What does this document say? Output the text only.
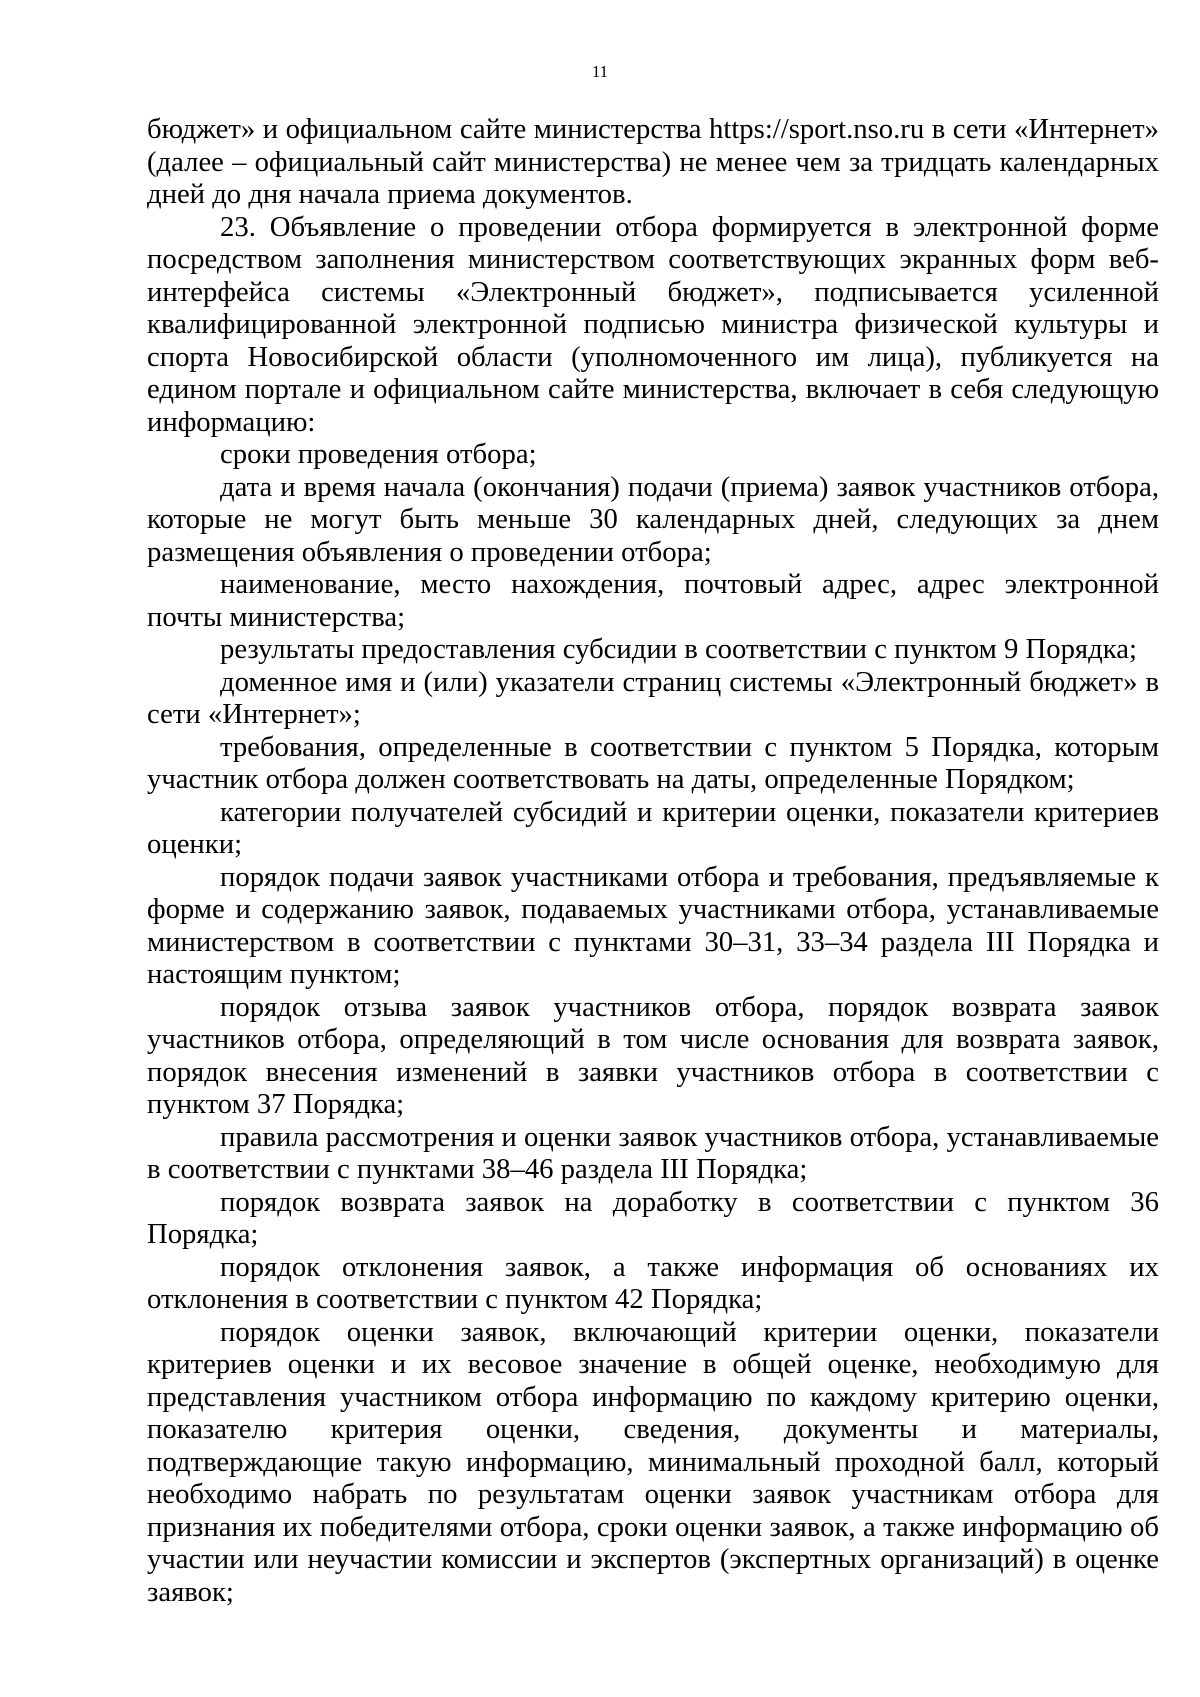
11

бюджет» и официальном сайте министерства https://sport.nso.ru в сети «Интернет» (далее – официальный сайт министерства) не менее чем за тридцать календарных дней до дня начала приема документов.

23. Объявление о проведении отбора формируется в электронной форме посредством заполнения министерством соответствующих экранных форм веб-интерфейса системы «Электронный бюджет», подписывается усиленной квалифицированной электронной подписью министра физической культуры и спорта Новосибирской области (уполномоченного им лица), публикуется на едином портале и официальном сайте министерства, включает в себя следующую информацию:

сроки проведения отбора;

дата и время начала (окончания) подачи (приема) заявок участников отбора, которые не могут быть меньше 30 календарных дней, следующих за днем размещения объявления о проведении отбора;

наименование, место нахождения, почтовый адрес, адрес электронной почты министерства;

результаты предоставления субсидии в соответствии с пунктом 9 Порядка;

доменное имя и (или) указатели страниц системы «Электронный бюджет» в сети «Интернет»;

требования, определенные в соответствии с пунктом 5 Порядка, которым участник отбора должен соответствовать на даты, определенные Порядком;

категории получателей субсидий и критерии оценки, показатели критериев оценки;

порядок подачи заявок участниками отбора и требования, предъявляемые к форме и содержанию заявок, подаваемых участниками отбора, устанавливаемые министерством в соответствии с пунктами 30–31, 33–34 раздела III Порядка и настоящим пунктом;

порядок отзыва заявок участников отбора, порядок возврата заявок участников отбора, определяющий в том числе основания для возврата заявок, порядок внесения изменений в заявки участников отбора в соответствии с пунктом 37 Порядка;

правила рассмотрения и оценки заявок участников отбора, устанавливаемые в соответствии с пунктами 38–46 раздела III Порядка;

порядок возврата заявок на доработку в соответствии с пунктом 36 Порядка;

порядок отклонения заявок, а также информация об основаниях их отклонения в соответствии с пунктом 42 Порядка;

порядок оценки заявок, включающий критерии оценки, показатели критериев оценки и их весовое значение в общей оценке, необходимую для представления участником отбора информацию по каждому критерию оценки, показателю критерия оценки, сведения, документы и материалы, подтверждающие такую информацию, минимальный проходной балл, который необходимо набрать по результатам оценки заявок участникам отбора для признания их победителями отбора, сроки оценки заявок, а также информацию об участии или неучастии комиссии и экспертов (экспертных организаций) в оценке заявок;
